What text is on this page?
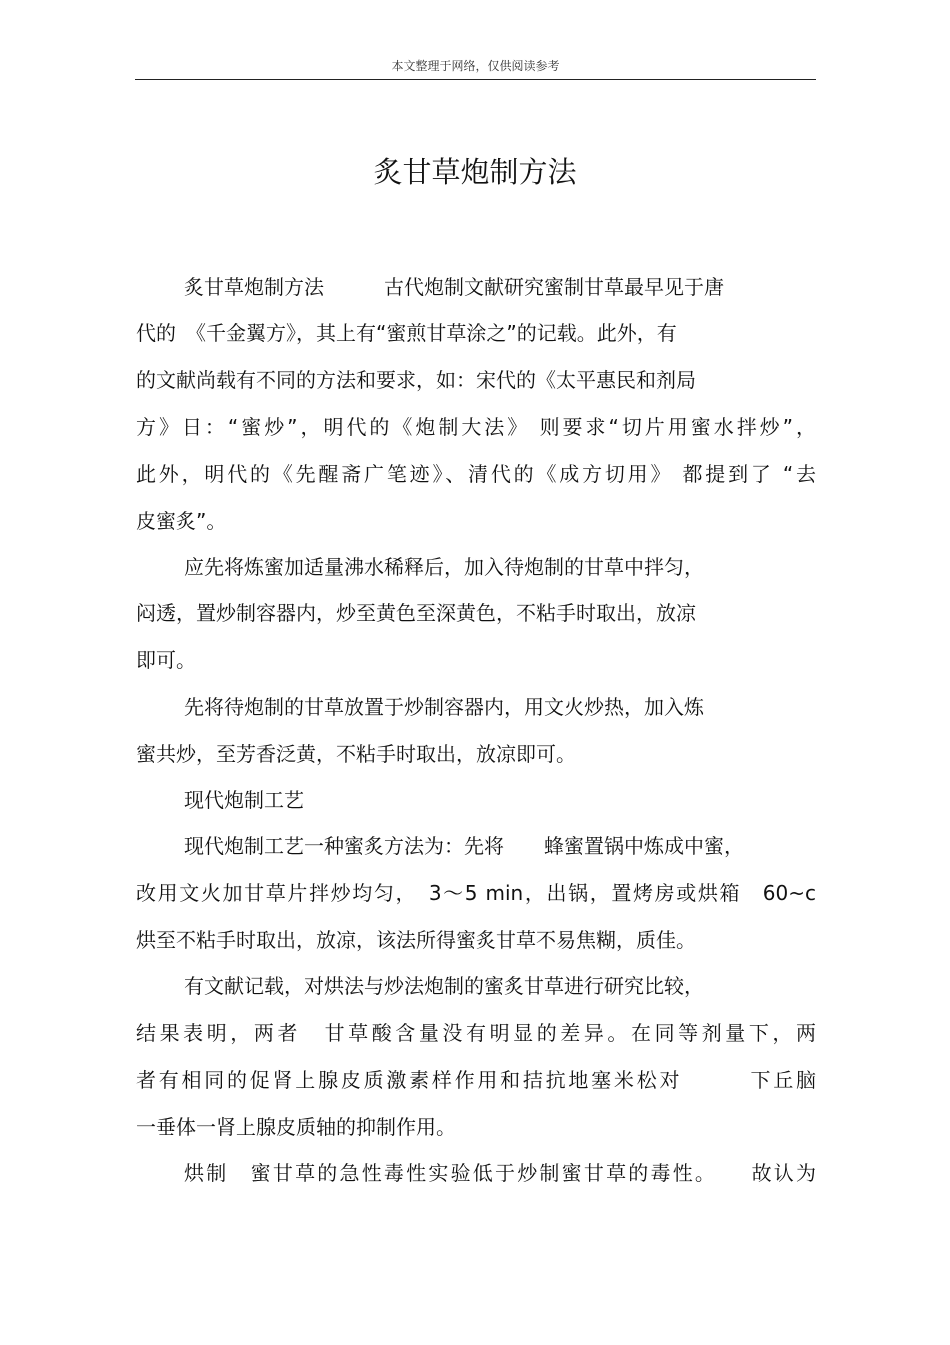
本文整理于网络，仅供阅读参考
炙甘草炮制方法
炙甘草炮制方法　　　古代炮制文献研究蜜制甘草最早见于唐
代的　《千金翼方》，其上有“蜜煎甘草涂之”的记载。此外，有
的文献尚载有不同的方法和要求，如：宋代的《太平惠民和剂局
方》日：“蜜炒”，明代的《炮制大法》 则要求“切片用蜜水拌炒”，
此外，明代的《先醒斋广笔迹》、清代的《成方切用》 都提到了 “去
皮蜜炙”。
应先将炼蜜加适量沸水稀释后，加入待炮制的甘草中拌匀，
闷透，置炒制容器内，炒至黄色至深黄色，不粘手时取出，放凉
即可。
先将待炮制的甘草放置于炒制容器内，用文火炒热，加入炼
蜜共炒，至芳香泛黄，不粘手时取出，放凉即可。
现代炮制工艺
现代炮制工艺一种蜜炙方法为：先将　　蜂蜜置锅中炼成中蜜，
改用文火加甘草片拌炒均匀，　3～5 min，出锅，置烤房或烘箱　60~c
烘至不粘手时取出，放凉，该法所得蜜炙甘草不易焦糊，质佳。
有文献记载，对烘法与炒法炮制的蜜炙甘草进行研究比较，
结果表明，两者　甘草酸含量没有明显的差异。在同等剂量下，两
者有相同的促肾上腺皮质激素样作用和拮抗地塞米松对　　　下丘脑
一垂体一肾上腺皮质轴的抑制作用。
烘制　蜜甘草的急性毒性实验低于炒制蜜甘草的毒性。　　故认为
